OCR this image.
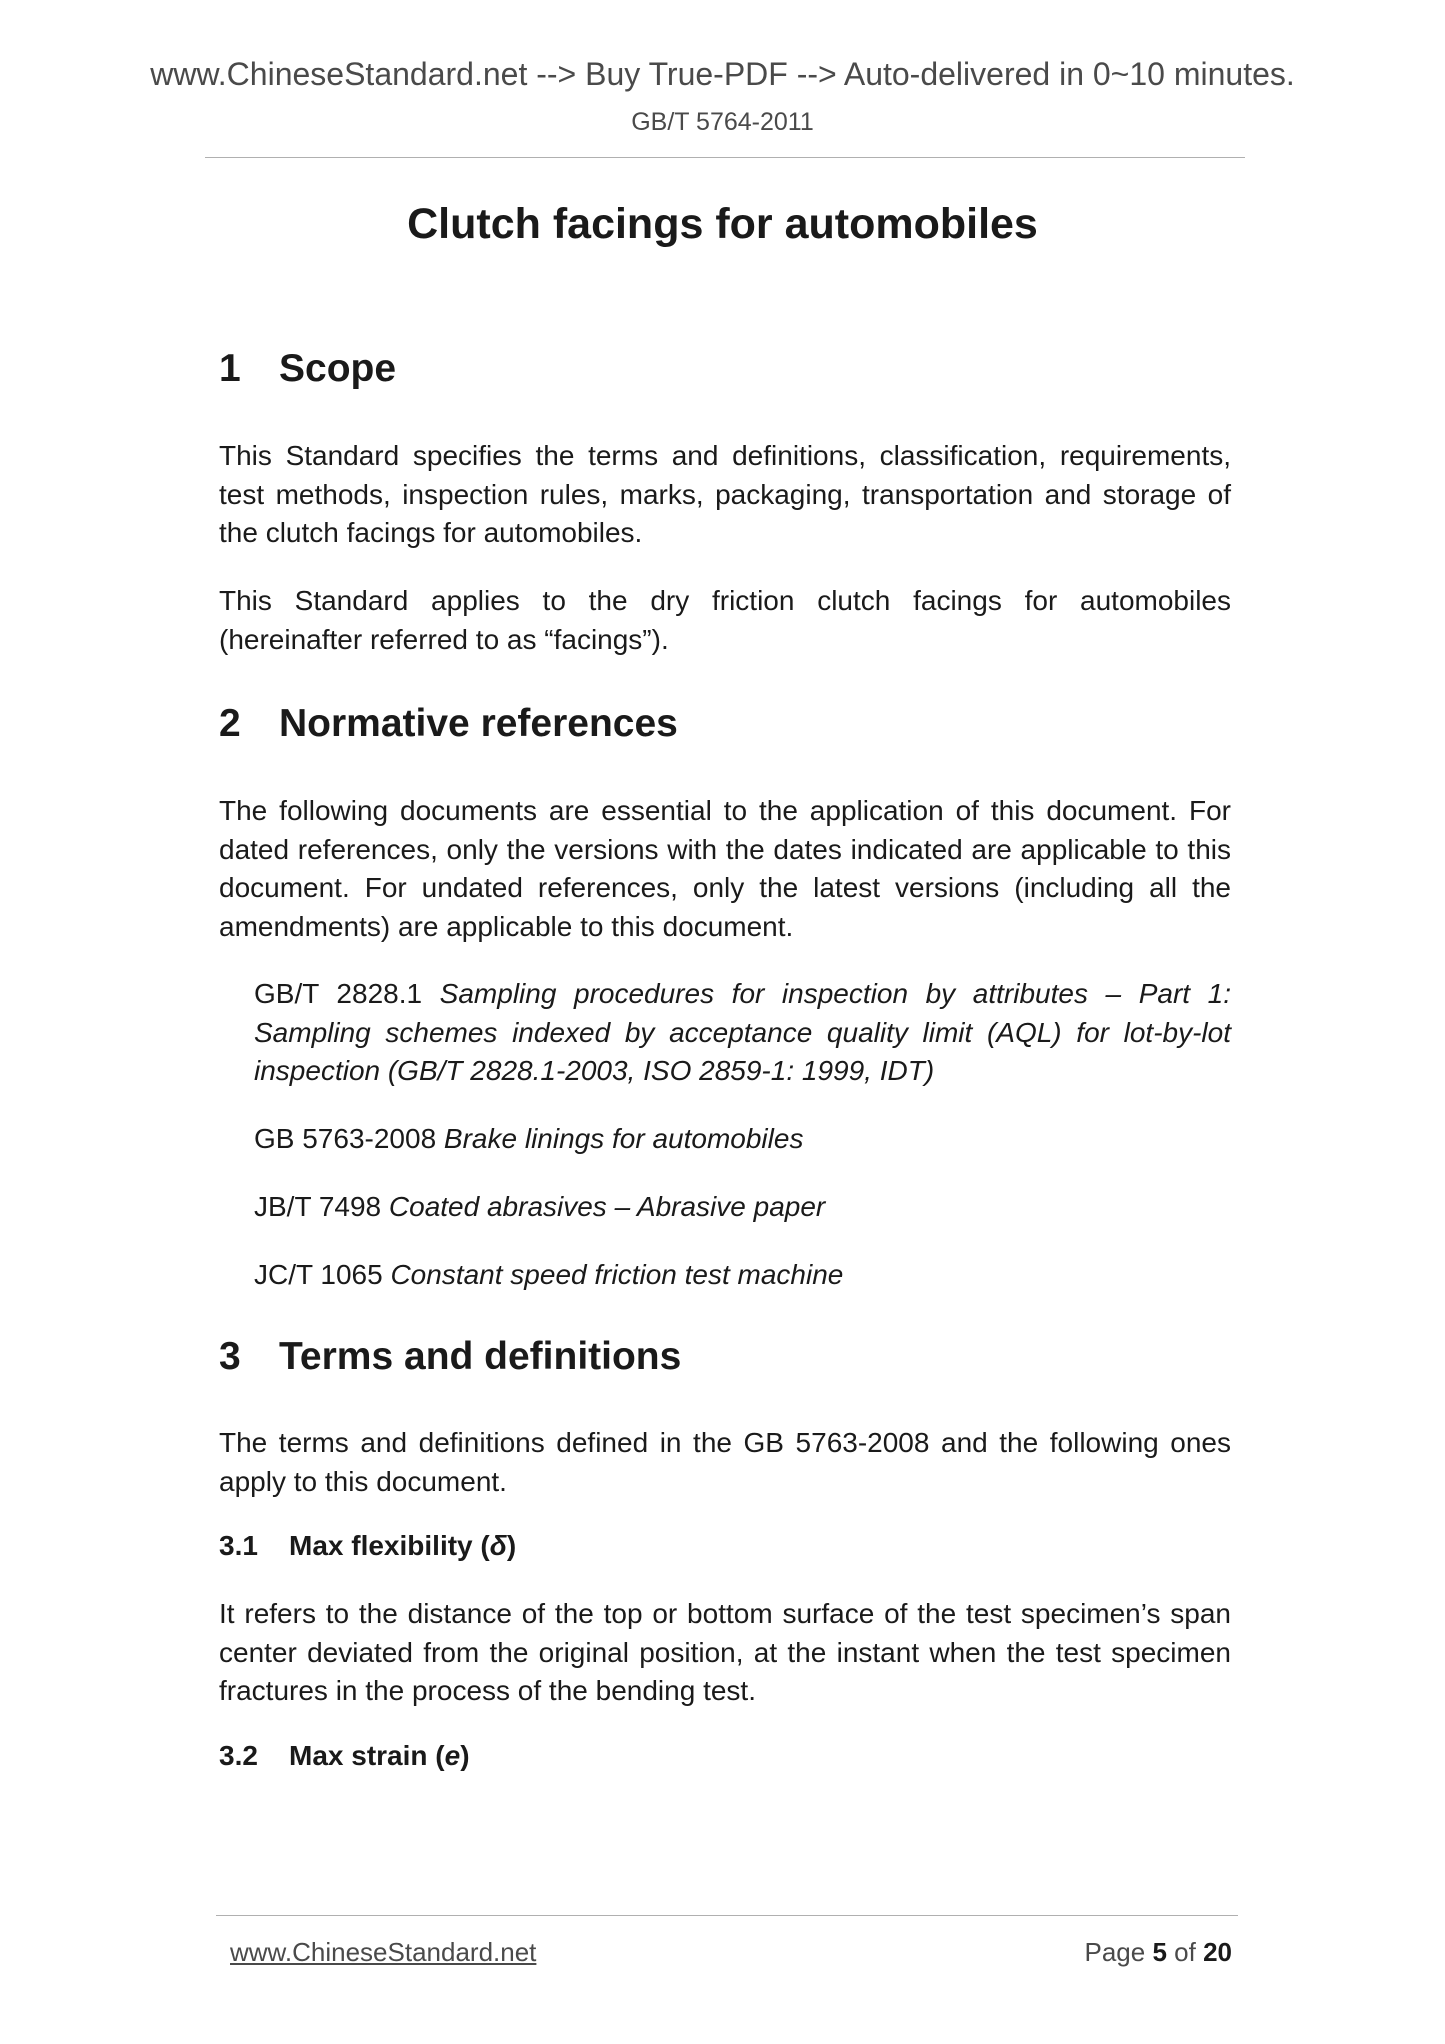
www.ChineseStandard.net --> Buy True-PDF --> Auto-delivered in 0~10 minutes.
GB/T 5764-2011
Clutch facings for automobiles
1 Scope
This Standard specifies the terms and definitions, classification, requirements, test methods, inspection rules, marks, packaging, transportation and storage of the clutch facings for automobiles.
This Standard applies to the dry friction clutch facings for automobiles (hereinafter referred to as “facings”).
2 Normative references
The following documents are essential to the application of this document. For dated references, only the versions with the dates indicated are applicable to this document. For undated references, only the latest versions (including all the amendments) are applicable to this document.
GB/T 2828.1 Sampling procedures for inspection by attributes – Part 1: Sampling schemes indexed by acceptance quality limit (AQL) for lot-by-lot inspection (GB/T 2828.1-2003, ISO 2859-1: 1999, IDT)
GB 5763-2008 Brake linings for automobiles
JB/T 7498 Coated abrasives – Abrasive paper
JC/T 1065 Constant speed friction test machine
3 Terms and definitions
The terms and definitions defined in the GB 5763-2008 and the following ones apply to this document.
3.1 Max flexibility (δ)
It refers to the distance of the top or bottom surface of the test specimen’s span center deviated from the original position, at the instant when the test specimen fractures in the process of the bending test.
3.2 Max strain (e)
www.ChineseStandard.net	Page 5 of 20
